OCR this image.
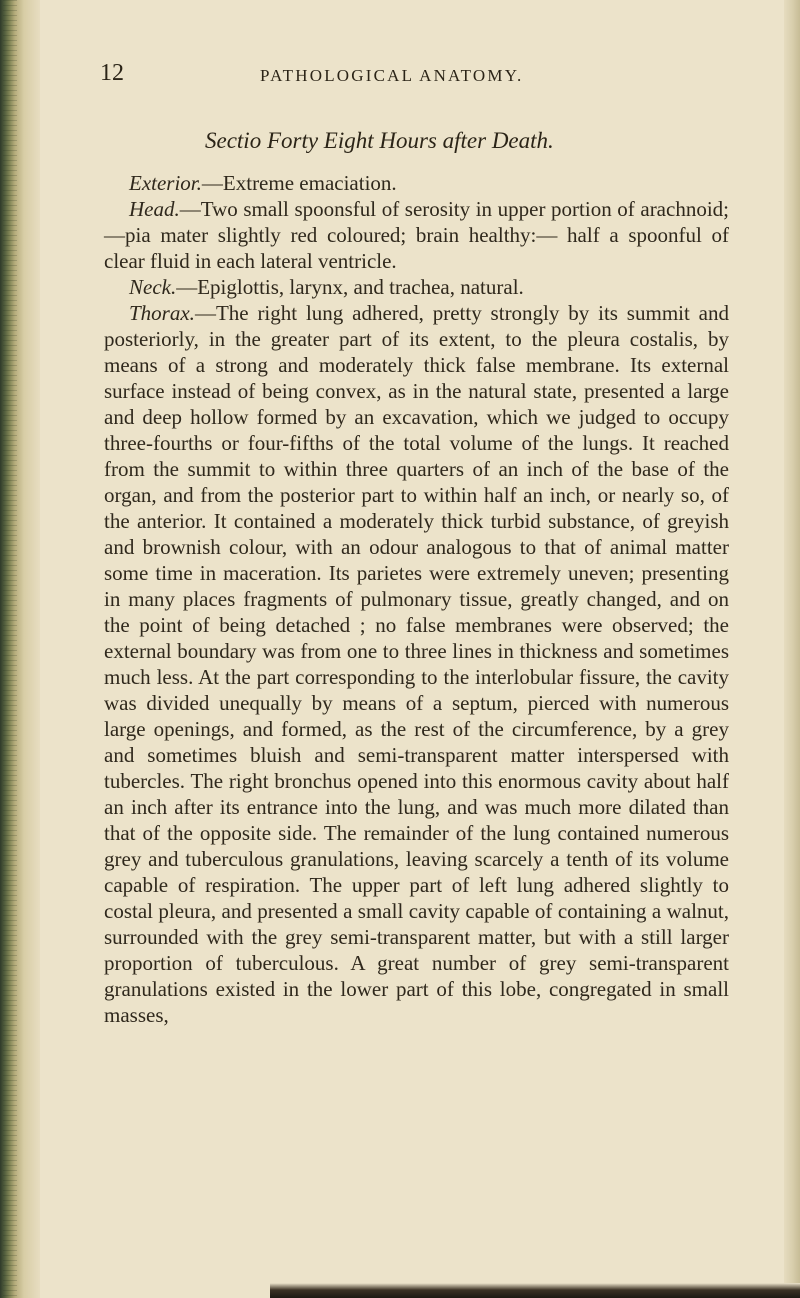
12	PATHOLOGICAL ANATOMY.
Sectio Forty Eight Hours after Death.

Exterior.—Extreme emaciation.

Head.—Two small spoonsful of serosity in upper portion of arachnoid;—pia mater slightly red coloured; brain healthy:— half a spoonful of clear fluid in each lateral ventricle.

Neck.—Epiglottis, larynx, and trachea, natural.

Thorax.—The right lung adhered, pretty strongly by its summit and posteriorly, in the greater part of its extent, to the pleura costalis, by means of a strong and moderately thick false membrane. Its external surface instead of being convex, as in the natural state, presented a large and deep hollow formed by an excavation, which we judged to occupy three-fourths or four-fifths of the total volume of the lungs. It reached from the summit to within three quarters of an inch of the base of the organ, and from the posterior part to within half an inch, or nearly so, of the anterior. It contained a moderately thick turbid substance, of greyish and brownish colour, with an odour analogous to that of animal matter some time in maceration. Its parietes were extremely uneven; presenting in many places fragments of pulmonary tissue, greatly changed, and on the point of being detached ; no false membranes were observed; the external boundary was from one to three lines in thickness and sometimes much less. At the part corresponding to the interlobular fissure, the cavity was divided unequally by means of a septum, pierced with numerous large openings, and formed, as the rest of the circumference, by a grey and sometimes bluish and semi-transparent matter interspersed with tubercles. The right bronchus opened into this enormous cavity about half an inch after its entrance into the lung, and was much more dilated than that of the opposite side. The remainder of the lung contained numerous grey and tuberculous granulations, leaving scarcely a tenth of its volume capable of respiration. The upper part of left lung adhered slightly to costal pleura, and presented a small cavity capable of containing a walnut, surrounded with the grey semi-transparent matter, but with a still larger proportion of tuberculous. A great number of grey semi-transparent granulations existed in the lower part of this lobe, congregated in small masses,
